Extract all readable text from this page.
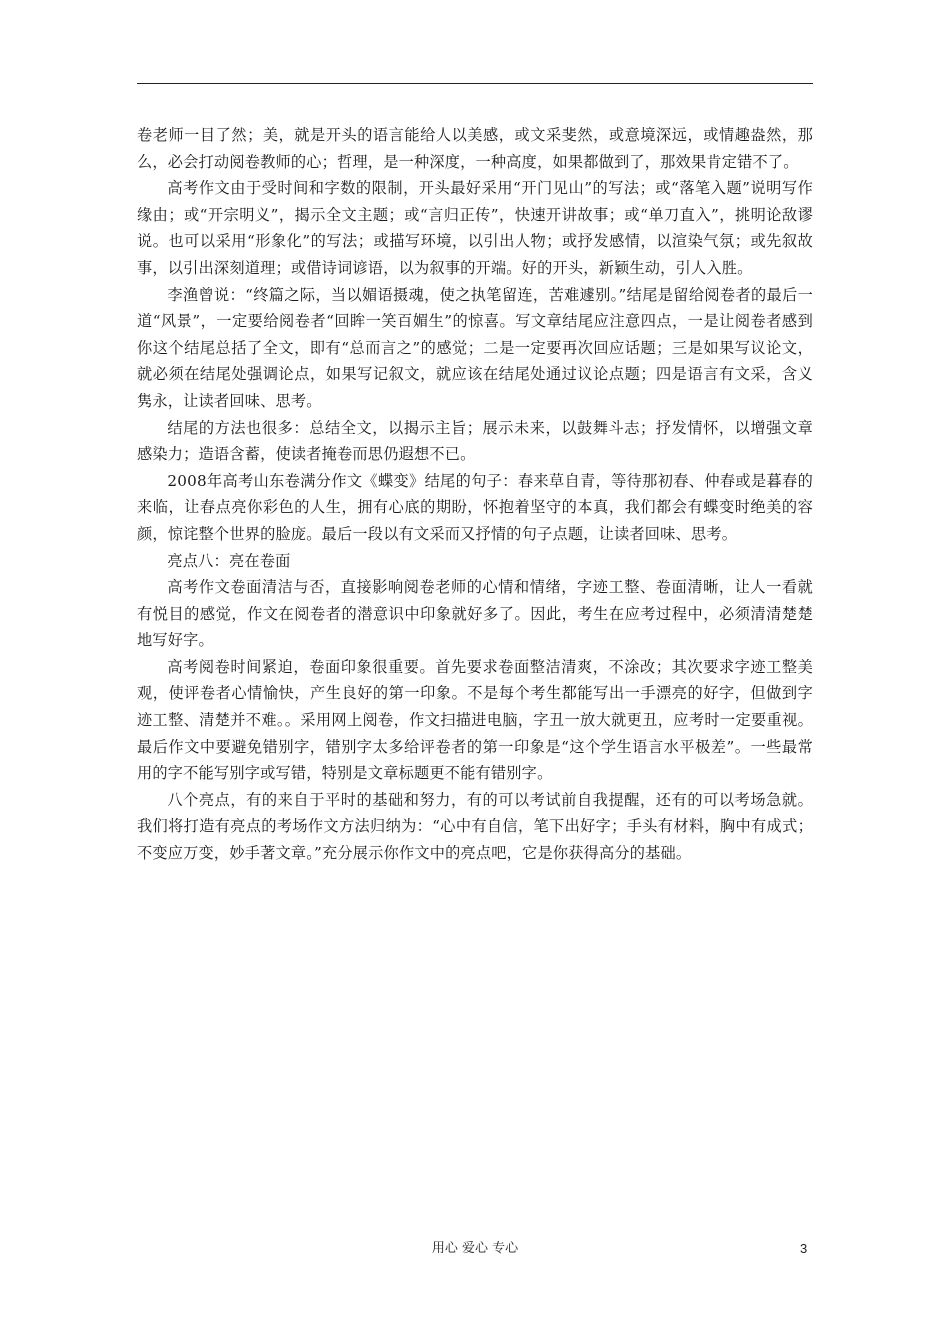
卷老师一目了然；美，就是开头的语言能给人以美感，或文采斐然，或意境深远，或情趣盎然，那么，必会打动阅卷教师的心；哲理，是一种深度，一种高度，如果都做到了，那效果肯定错不了。

高考作文由于受时间和字数的限制，开头最好采用“开门见山”的写法；或“落笔入题”说明写作缘由；或“开宗明义”，揭示全文主题；或“言归正传”，快速开讲故事；或“单刀直入”，挑明论敌谬说。也可以采用“形象化”的写法；或描写环境，以引出人物；或抒发感情，以渲染气氛；或先叙故事，以引出深刻道理；或借诗词谚语，以为叙事的开端。好的开头，新颖生动，引人入胜。

李渔曾说：“终篇之际，当以媚语摄魂，使之执笔留连，苦难遽别。”结尾是留给阅卷者的最后一道“风景”，一定要给阅卷者“回眸一笑百媚生”的惊喜。写文章结尾应注意四点，一是让阅卷者感到你这个结尾总括了全文，即有“总而言之”的感觉；二是一定要再次回应话题；三是如果写议论文，就必须在结尾处强调论点，如果写记叙文，就应该在结尾处通过议论点题；四是语言有文采，含义隽永，让读者回味、思考。

结尾的方法也很多：总结全文，以揭示主旨；展示未来，以鼓舞斗志；抒发情怀，以增强文章感染力；造语含蓄，使读者掩卷而思仍遐想不已。

2008年高考山东卷满分作文《蝶变》结尾的句子：春来草自青，等待那初春、仲春或是暮春的来临，让春点亮你彩色的人生，拥有心底的期盼，怀抱着坚守的本真，我们都会有蝶变时绝美的容颜，惊诧整个世界的脸庞。最后一段以有文采而又抒情的句子点题，让读者回味、思考。

亮点八：亮在卷面

高考作文卷面清洁与否，直接影响阅卷老师的心情和情绪，字迹工整、卷面清晰，让人一看就有悦目的感觉，作文在阅卷者的潜意识中印象就好多了。因此，考生在应考过程中，必须清清楚楚地写好字。

高考阅卷时间紧迫，卷面印象很重要。首先要求卷面整洁清爽，不涂改；其次要求字迹工整美观，使评卷者心情愉快，产生良好的第一印象。不是每个考生都能写出一手漂亮的好字，但做到字迹工整、清楚并不难。。采用网上阅卷，作文扫描进电脑，字丑一放大就更丑，应考时一定要重视。最后作文中要避免错别字，错别字太多给评卷者的第一印象是“这个学生语言水平极差”。一些最常用的字不能写别字或写错，特别是文章标题更不能有错别字。

八个亮点，有的来自于平时的基础和努力，有的可以考试前自我提醒，还有的可以考场急就。我们将打造有亮点的考场作文方法归纳为：“心中有自信，笔下出好字；手头有材料，胸中有成式；不变应万变，妙手著文章。”充分展示你作文中的亮点吧，它是你获得高分的基础。

用心 爱心 专心	3
